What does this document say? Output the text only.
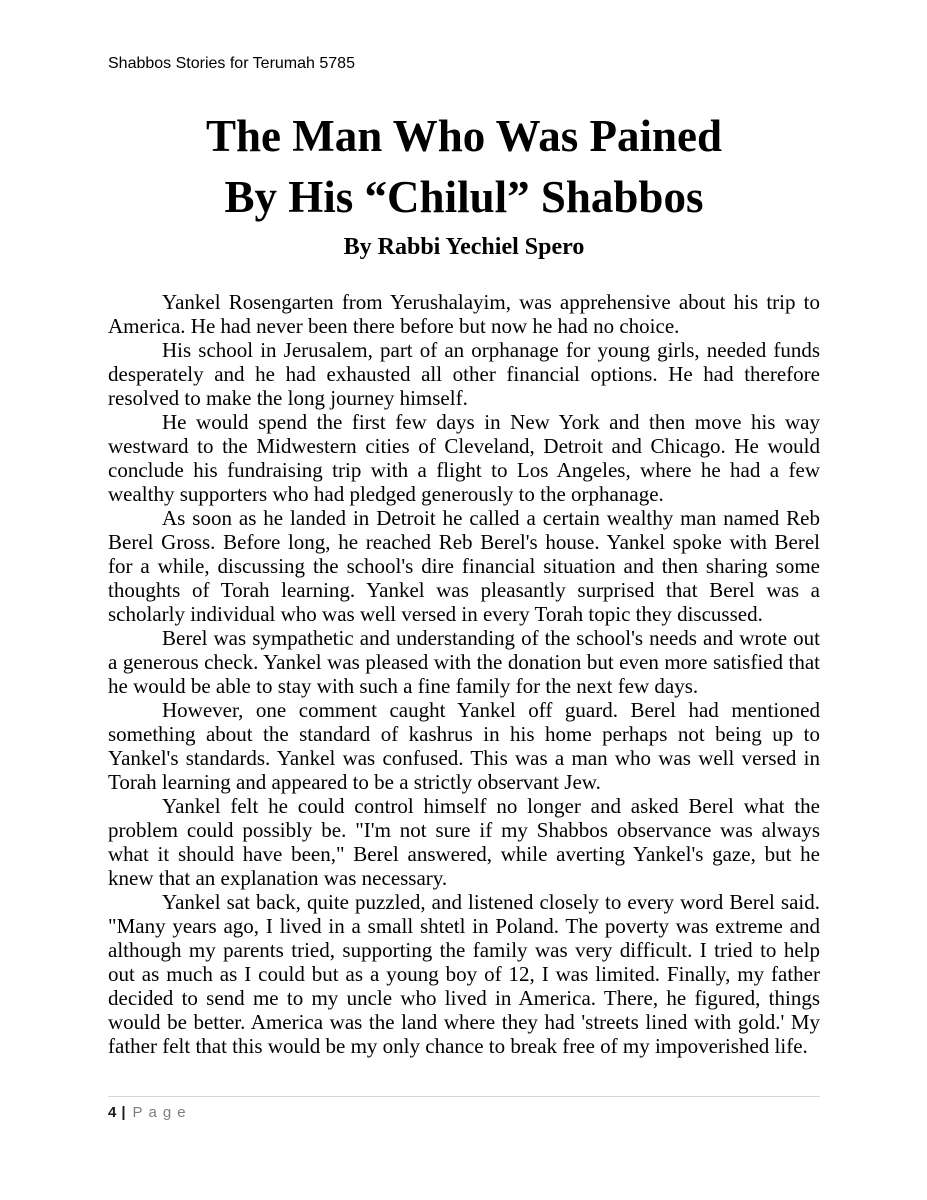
Shabbos Stories for Terumah 5785
The Man Who Was Pained
By His “Chilul” Shabbos
By Rabbi Yechiel Spero

Yankel Rosengarten from Yerushalayim, was apprehensive about his trip to America. He had never been there before but now he had no choice.

His school in Jerusalem, part of an orphanage for young girls, needed funds desperately and he had exhausted all other financial options. He had therefore resolved to make the long journey himself.

He would spend the first few days in New York and then move his way westward to the Midwestern cities of Cleveland, Detroit and Chicago. He would conclude his fundraising trip with a flight to Los Angeles, where he had a few wealthy supporters who had pledged generously to the orphanage.

As soon as he landed in Detroit he called a certain wealthy man named Reb Berel Gross. Before long, he reached Reb Berel's house. Yankel spoke with Berel for a while, discussing the school's dire financial situation and then sharing some thoughts of Torah learning. Yankel was pleasantly surprised that Berel was a scholarly individual who was well versed in every Torah topic they discussed.

Berel was sympathetic and understanding of the school's needs and wrote out a generous check. Yankel was pleased with the donation but even more satisfied that he would be able to stay with such a fine family for the next few days.

However, one comment caught Yankel off guard. Berel had mentioned something about the standard of kashrus in his home perhaps not being up to Yankel's standards. Yankel was confused. This was a man who was well versed in Torah learning and appeared to be a strictly observant Jew.

Yankel felt he could control himself no longer and asked Berel what the problem could possibly be. "I'm not sure if my Shabbos observance was always what it should have been," Berel answered, while averting Yankel's gaze, but he knew that an explanation was necessary.

Yankel sat back, quite puzzled, and listened closely to every word Berel said. "Many years ago, I lived in a small shtetl in Poland. The poverty was extreme and although my parents tried, supporting the family was very difficult. I tried to help out as much as I could but as a young boy of 12, I was limited. Finally, my father decided to send me to my uncle who lived in America. There, he figured, things would be better. America was the land where they had 'streets lined with gold.' My father felt that this would be my only chance to break free of my impoverished life.

4 | Page
